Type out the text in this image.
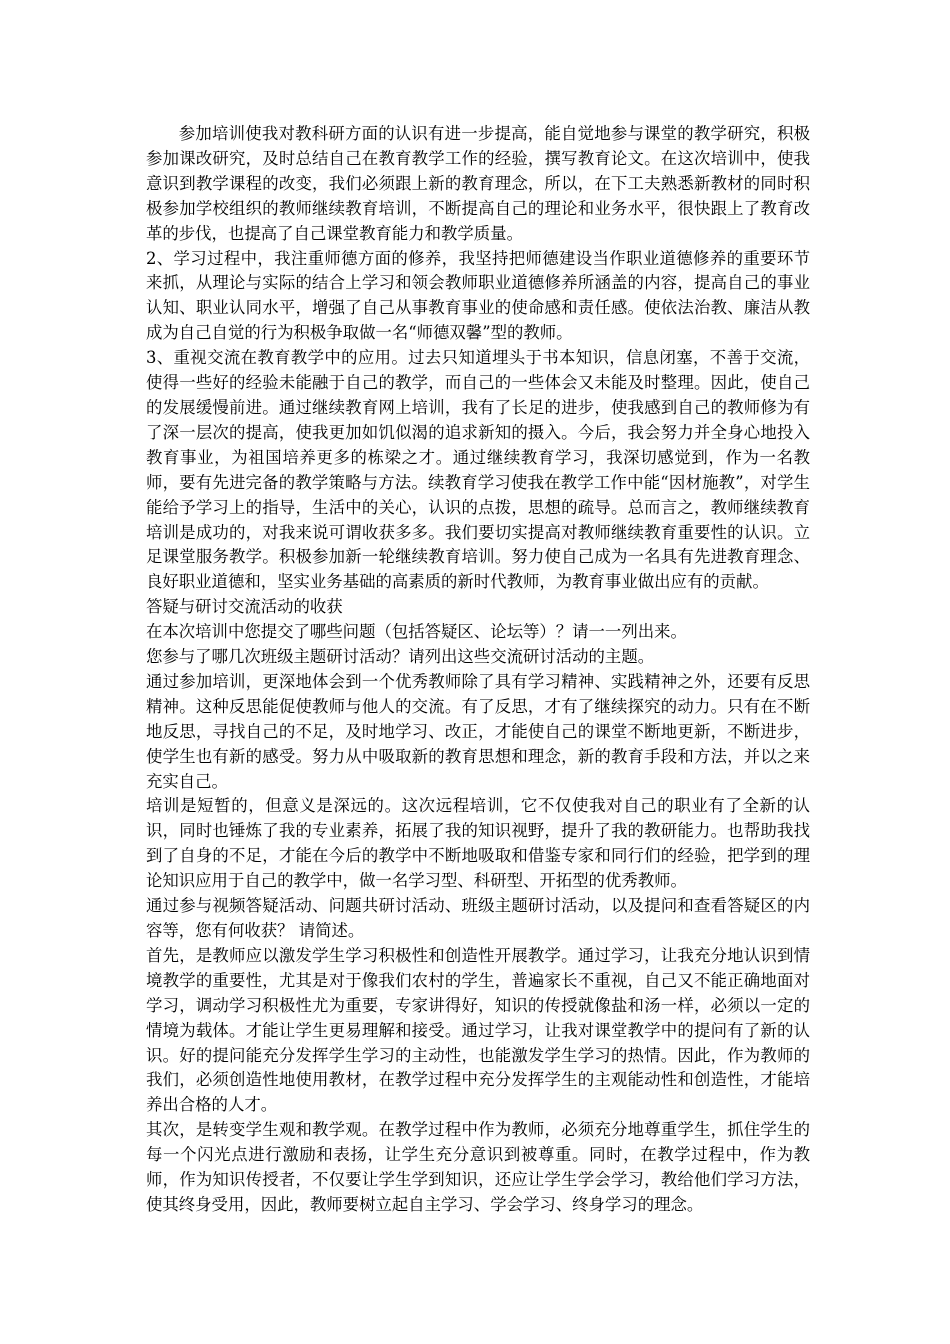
参加培训使我对教科研方面的认识有进一步提高，能自觉地参与课堂的教学研究，积极参加课改研究，及时总结自己在教育教学工作的经验，撰写教育论文。在这次培训中，使我意识到教学课程的改变，我们必须跟上新的教育理念，所以，在下工夫熟悉新教材的同时积极参加学校组织的教师继续教育培训，不断提高自己的理论和业务水平，很快跟上了教育改革的步伐，也提高了自己课堂教育能力和教学质量。

2、学习过程中，我注重师德方面的修养，我坚持把师德建设当作职业道德修养的重要环节来抓，从理论与实际的结合上学习和领会教师职业道德修养所涵盖的内容，提高自己的事业认知、职业认同水平，增强了自己从事教育事业的使命感和责任感。使依法治教、廉洁从教成为自己自觉的行为积极争取做一名“师德双馨”型的教师。

3、重视交流在教育教学中的应用。过去只知道埋头于书本知识，信息闭塞，不善于交流，使得一些好的经验未能融于自己的教学，而自己的一些体会又未能及时整理。因此，使自己的发展缓慢前进。通过继续教育网上培训，我有了长足的进步，使我感到自己的教师修为有了深一层次的提高，使我更加如饥似渴的追求新知的摄入。今后，我会努力并全身心地投入教育事业，为祖国培养更多的栋梁之才。通过继续教育学习，我深切感觉到，作为一名教师，要有先进完备的教学策略与方法。续教育学习使我在教学工作中能“因材施教”，对学生能给予学习上的指导，生活中的关心，认识的点拨，思想的疏导。总而言之，教师继续教育培训是成功的，对我来说可谓收获多多。我们要切实提高对教师继续教育重要性的认识。立足课堂服务教学。积极参加新一轮继续教育培训。努力使自己成为一名具有先进教育理念、良好职业道德和，坚实业务基础的高素质的新时代教师，为教育事业做出应有的贡献。

答疑与研讨交流活动的收获

在本次培训中您提交了哪些问题（包括答疑区、论坛等）？请一一列出来。

您参与了哪几次班级主题研讨活动？请列出这些交流研讨活动的主题。

通过参加培训，更深地体会到一个优秀教师除了具有学习精神、实践精神之外，还要有反思精神。这种反思能促使教师与他人的交流。有了反思，才有了继续探究的动力。只有在不断地反思，寻找自己的不足，及时地学习、改正，才能使自己的课堂不断地更新，不断进步，使学生也有新的感受。努力从中吸取新的教育思想和理念，新的教育手段和方法，并以之来充实自己。

培训是短暂的，但意义是深远的。这次远程培训，它不仅使我对自己的职业有了全新的认识，同时也锤炼了我的专业素养，拓展了我的知识视野，提升了我的教研能力。也帮助我找到了自身的不足，才能在今后的教学中不断地吸取和借鉴专家和同行们的经验，把学到的理论知识应用于自己的教学中，做一名学习型、科研型、开拓型的优秀教师。

通过参与视频答疑活动、问题共研讨活动、班级主题研讨活动，以及提问和查看答疑区的内容等，您有何收获？ 请简述。

首先，是教师应以激发学生学习积极性和创造性开展教学。通过学习，让我充分地认识到情境教学的重要性，尤其是对于像我们农村的学生，普遍家长不重视，自己又不能正确地面对学习，调动学习积极性尤为重要，专家讲得好，知识的传授就像盐和汤一样，必须以一定的情境为载体。才能让学生更易理解和接受。通过学习，让我对课堂教学中的提问有了新的认识。好的提问能充分发挥学生学习的主动性，也能激发学生学习的热情。因此，作为教师的我们，必须创造性地使用教材，在教学过程中充分发挥学生的主观能动性和创造性，才能培养出合格的人才。

其次，是转变学生观和教学观。在教学过程中作为教师，必须充分地尊重学生，抓住学生的每一个闪光点进行激励和表扬，让学生充分意识到被尊重。同时，在教学过程中，作为教师，作为知识传授者，不仅要让学生学到知识，还应让学生学会学习，教给他们学习方法，使其终身受用，因此，教师要树立起自主学习、学会学习、终身学习的理念。
